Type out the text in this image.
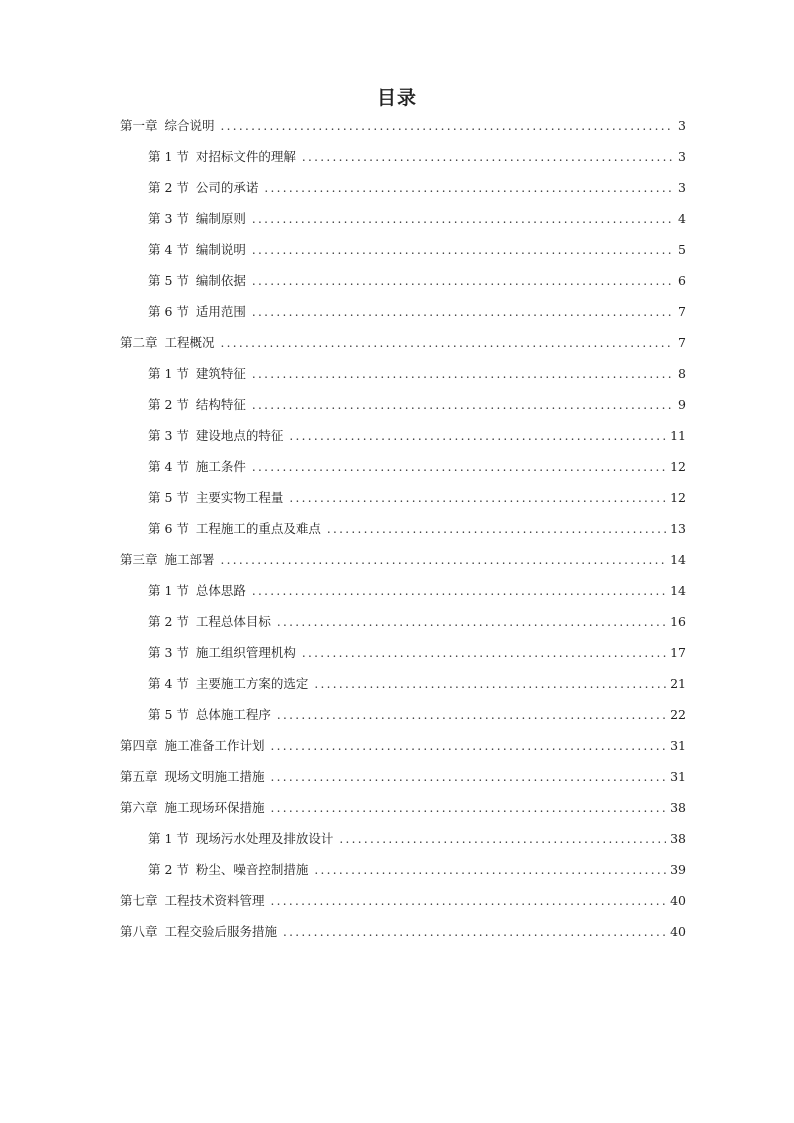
目录
第一章 综合说明 .....	3
第 1 节 对招标文件的理解 .....	3
第 2 节 公司的承诺 .....	3
第 3 节 编制原则 .....	4
第 4 节 编制说明 .....	5
第 5 节 编制依据 .....	6
第 6 节 适用范围 .....	7
第二章 工程概况 .....	7
第 1 节 建筑特征 .....	8
第 2 节 结构特征 .....	9
第 3 节 建设地点的特征 .....	11
第 4 节 施工条件 .....	12
第 5 节 主要实物工程量 .....	12
第 6 节 工程施工的重点及难点 .....	13
第三章 施工部署 .....	14
第 1 节 总体思路 .....	14
第 2 节 工程总体目标 .....	16
第 3 节 施工组织管理机构 .....	17
第 4 节 主要施工方案的选定 .....	21
第 5 节 总体施工程序 .....	22
第四章 施工准备工作计划 .....	31
第五章 现场文明施工措施 .....	31
第六章 施工现场环保措施 .....	38
第 1 节 现场污水处理及排放设计 .....	38
第 2 节 粉尘、噪音控制措施 .....	39
第七章 工程技术资料管理 .....	40
第八章 工程交验后服务措施 .....	40
